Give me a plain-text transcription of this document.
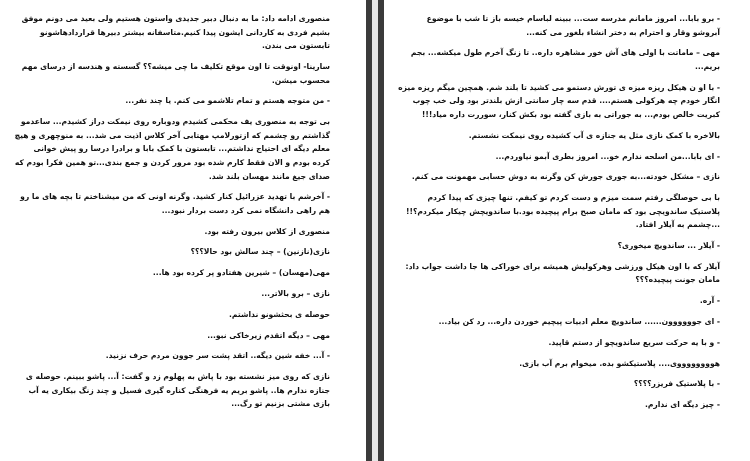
منصوری ادامه داد: ما به دنبال دبیر جدیدی واستون هستیم ولی بعید می دونم موفق بشیم فردی به کاردانی ایشون پیدا کنیم.متاسفانه بیشتر دبیرها قراردادهاشونو تابستون می بندن.

سارینا- اونوقت تا اون موقع تکلیف ما چی میشه؟؟ گسسته و هندسه از درسای مهم محسوب میشن.

- من متوجه هستم و تمام تلاشمو می کنم. یا چند نفر...

بی توجه به منصوری یف محکمی کشیدم ودوباره روی نیمکت دراز کشیدم... ساعدمو گذاشتم رو چشمم که ازتورلامپ مهتابی آخر کلاس اذیت می شد... به منوچهری و هیچ معلم دیگه ای احتیاج نداشتم... تابستون با کمک بابا و برادرا درسا رو پیش خوانی کرده بودم و الان فقط کارم شده بود مرور کردن و جمع بندی...تو همین فکرا بودم که صدای جیغ مانند مهسان بلند شد.

- آخرشم با تهدید عزرائیل کنار کشید. وگرنه اونی که من میشناختم تا بچه های ما رو هم راهی دانشگاه نمی کرد دست بردار نبود...

منصوری از کلاس بیرون رفته بود.

نازی(نازنین) – چند سالش بود حالا؟؟؟

مهی(مهسان) – شیرین هفتادو پر کرده بود ها...

نازی – برو بالاتر...

حوصله ی بحثشونو نداشتم.

مهی – دیگه اتقدم زیرخاکی نبو...

- آ... خفه شین دیگه.. اتقد پشت سر جوون مردم حرف نزنید.

نازی که روی میز نشسته بود با پاش به پهلوم زد و گفت: آ... پاشو ببینم. حوصله ی جنازه ندارم ها.. پاشو بریم یه فرهنگی کناره گیری فسیل و چند زنگ بیکاری یه آب بازی مشتی بزنیم تو رگ...

- برو بابا... امروز مامانم مدرسه ست... ببینه لباسام خیسه باز تا شب با موضوع آبروشو وقار و احترام به دختر انشاء بلغور می کنه...

مهی – ماماتت با اولی های آش خور مشاهره داره.. تا زنگ آخرم طول میکشه... بجم بریم...

- با او ن هیکل ریزه میزه ی تورش دستمو می کشید تا بلند شم. همچین میگم ریزه میزه انگار خودم چه هرکولی هستم.... قدم سه چار سانتی ازش بلندتر بود ولی خب چوب کبریت خالص بودم... به جوراتی به بازی گفته بود بکش کنار، سوررت داره میاد!!!

بالاخره با کمک نازی مثل یه جنازه ی آب کشیده روی نیمکت نشستم.

- ای بابا...من اسلحه ندارم خو... امروز بطری آبمو نیاوردم...

نازی – مشکل خودته...به جوری جورش کن وگرنه به دوش حسابی مهمونت می کنم.

با بی حوصلگی رفتم سمت میزم و دست کردم تو کیفم. تنها چیزی که پیدا کردم پلاستیک ساندویچی بود که مامان صبح برام پیچیده بود.با ساندویچش چیکار میکردم؟!! ...چشمم به آیلار افتاد.

- آیلار ... ساندویچ میخوری؟

آیلار که با اون هیکل ورزشی وهرکولیش همیشه برای خوراکی ها جا داشت جواب داد: مامان جونت پیچیده؟؟؟

- آره.

- ای جوووووون...... ساندویچ معلم ادبیات پیچیم خوردن داره... رد کن بیاد...

- و با یه حرکت سریع ساندویچو از دستم قاپید.

هووووووووی.... پلاستیکشو بده. میخوام برم آب بازی.

- با پلاستیک فریزر؟؟؟؟

- چیز دیگه ای ندارم.
